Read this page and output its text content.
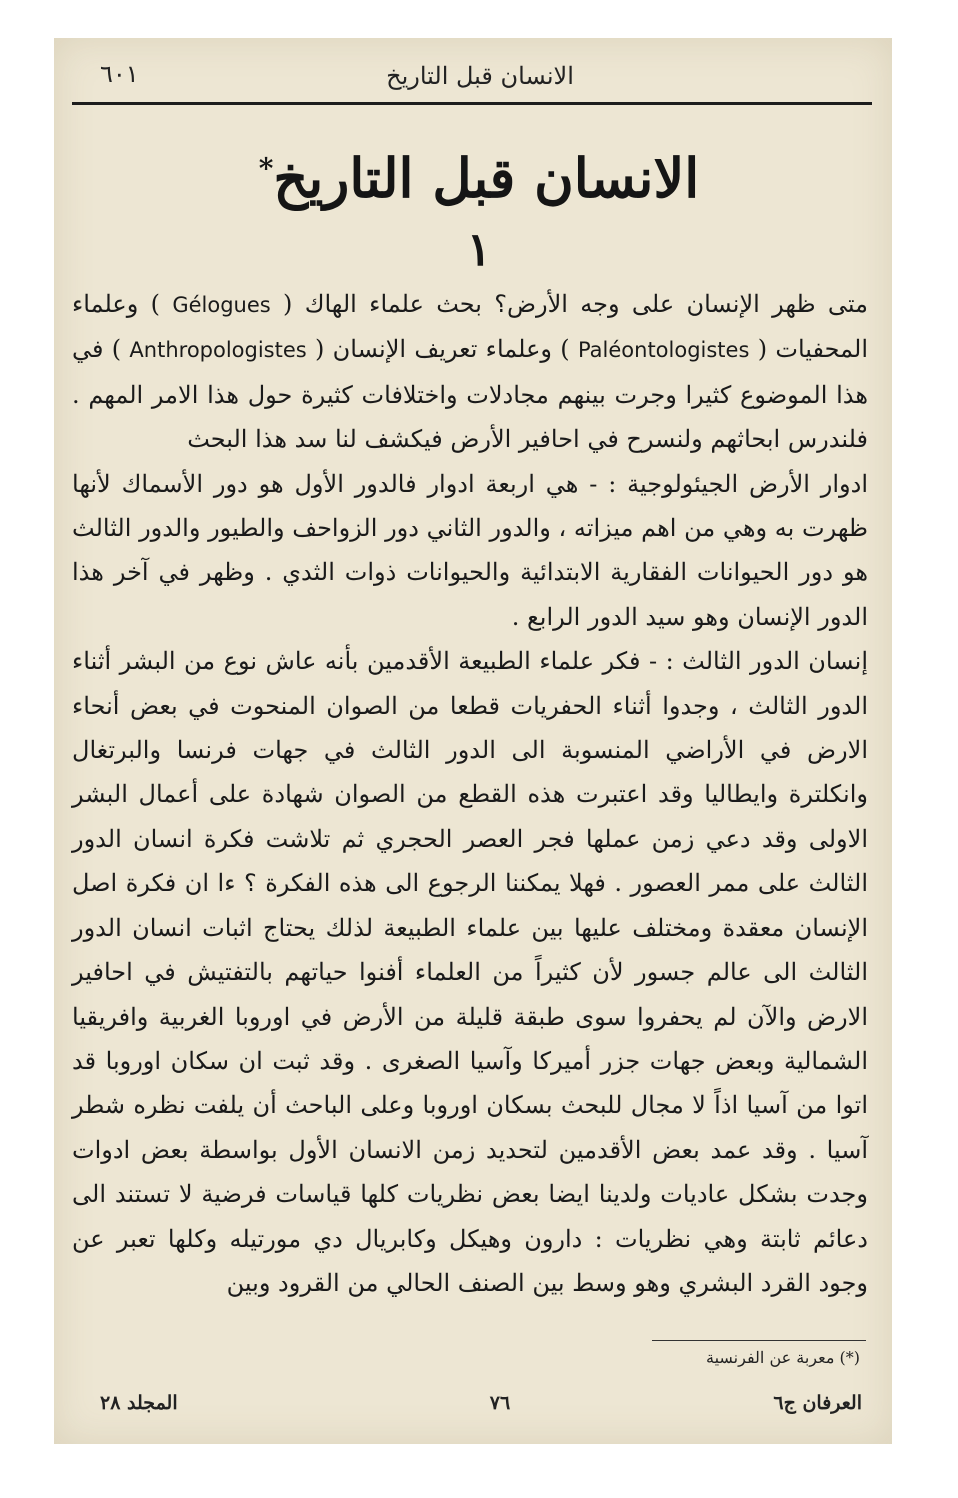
الانسان قبل التاريخ
٦٠١
الانسان قبل التاريخ*
١

متى ظهر الإنسان على وجه الأرض؟ بحث علماء الهاك ( Gélogues ) وعلماء المحفيات ( Paléontologistes ) وعلماء تعريف الإنسان ( Anthropologistes ) في هذا الموضوع كثيرا وجرت بينهم مجادلات واختلافات كثيرة حول هذا الامر المهم . فلندرس ابحاثهم ولنسرح في احافير الأرض فيكشف لنا سد هذا البحث

ادوار الأرض الجيئولوجية : - هي اربعة ادوار فالدور الأول هو دور الأسماك لأنها ظهرت به وهي من اهم ميزاته ، والدور الثاني دور الزواحف والطيور والدور الثالث هو دور الحيوانات الفقارية الابتدائية والحيوانات ذوات الثدي . وظهر في آخر هذا الدور الإنسان وهو سيد الدور الرابع .

إنسان الدور الثالث : - فكر علماء الطبيعة الأقدمين بأنه عاش نوع من البشر أثناء الدور الثالث ، وجدوا أثناء الحفريات قطعا من الصوان المنحوت في بعض أنحاء الارض في الأراضي المنسوبة الى الدور الثالث في جهات فرنسا والبرتغال وانكلترة وايطاليا وقد اعتبرت هذه القطع من الصوان شهادة على أعمال البشر الاولى وقد دعي زمن عملها فجر العصر الحجري ثم تلاشت فكرة انسان الدور الثالث على ممر العصور . فهلا يمكننا الرجوع الى هذه الفكرة ؟ ءا ان فكرة اصل الإنسان معقدة ومختلف عليها بين علماء الطبيعة لذلك يحتاج اثبات انسان الدور الثالث الى عالم جسور لأن كثيراً من العلماء أفنوا حياتهم بالتفتيش في احافير الارض والآن لم يحفروا سوى طبقة قليلة من الأرض في اوروبا الغربية وافريقيا الشمالية وبعض جهات جزر أميركا وآسيا الصغرى . وقد ثبت ان سكان اوروبا قد اتوا من آسيا اذاً لا مجال للبحث بسكان اوروبا وعلى الباحث أن يلفت نظره شطر آسيا . وقد عمد بعض الأقدمين لتحديد زمن الانسان الأول بواسطة بعض ادوات وجدت بشكل عاديات ولدينا ايضا بعض نظريات كلها قياسات فرضية لا تستند الى دعائم ثابتة وهي نظريات : دارون وهيكل وكابريال دي مورتيله وكلها تعبر عن وجود القرد البشري وهو وسط بين الصنف الحالي من القرود وبين

(*) معربة عن الفرنسية
العرفان ج٦
٧٦
المجلد ٢٨
